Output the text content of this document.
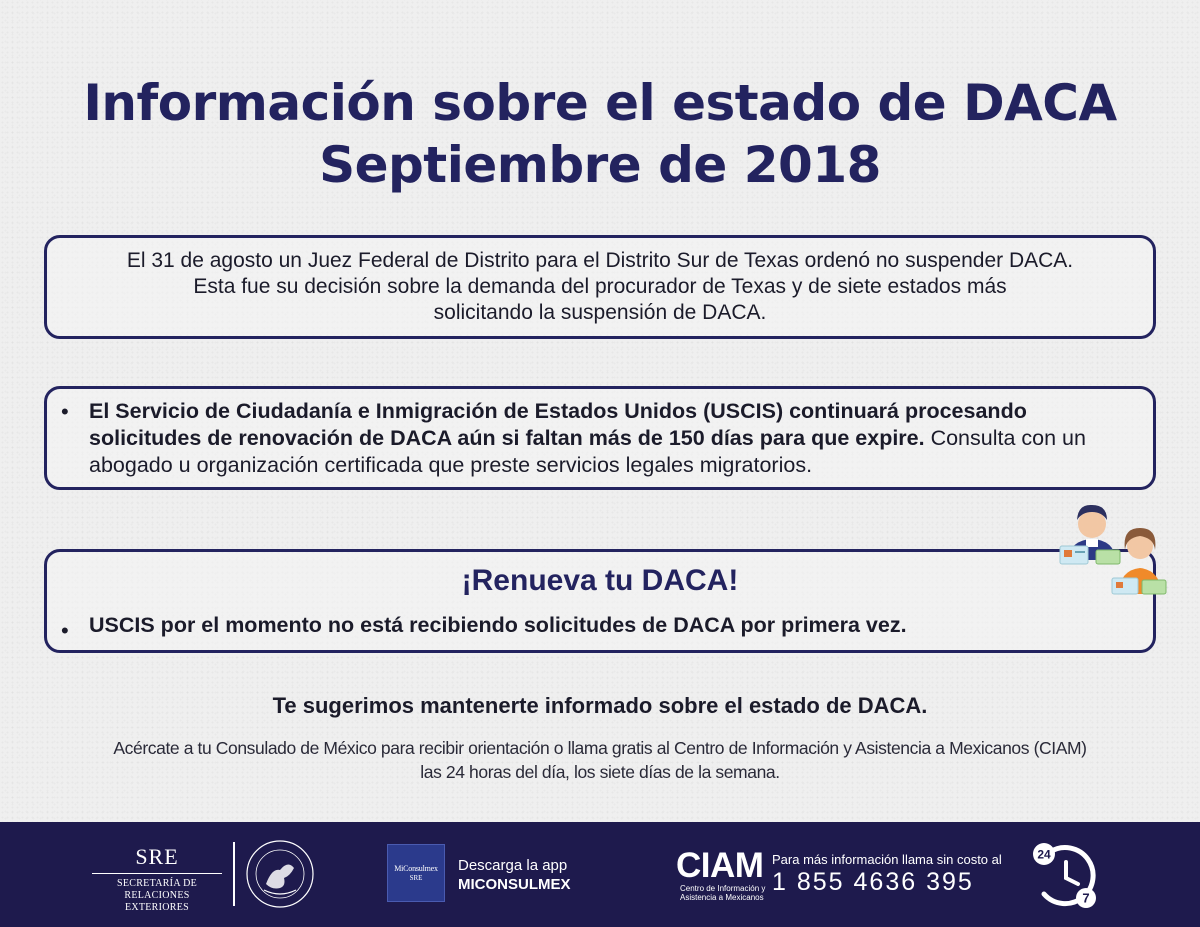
Información sobre el estado de DACA
Septiembre de 2018
El 31 de agosto un Juez Federal de Distrito para el Distrito Sur de Texas ordenó no suspender DACA.
Esta fue su decisión sobre la demanda del procurador de Texas y de siete estados más
solicitando la suspensión de DACA.
• El Servicio de Ciudadanía e Inmigración de Estados Unidos (USCIS) continuará procesando solicitudes de renovación de DACA aún si faltan más de 150 días para que expire. Consulta con un abogado u organización certificada que preste servicios legales migratorios.
¡Renueva tu DACA!
• USCIS por el momento no está recibiendo solicitudes de DACA por primera vez.
Te sugerimos mantenerte informado sobre el estado de DACA.
Acércate a tu Consulado de México para recibir orientación o llama gratis al Centro de Información y Asistencia a Mexicanos (CIAM)
las 24 horas del día, los siete días de la semana.
SRE
SECRETARÍA DE
RELACIONES EXTERIORES
MiConsulmex
SRE
Descarga la app
MICONSULMEX	CIAM
Centro de Información y
Asistencia a Mexicanos
Para más información llama sin costo al
1 855 4636 395
24
7
